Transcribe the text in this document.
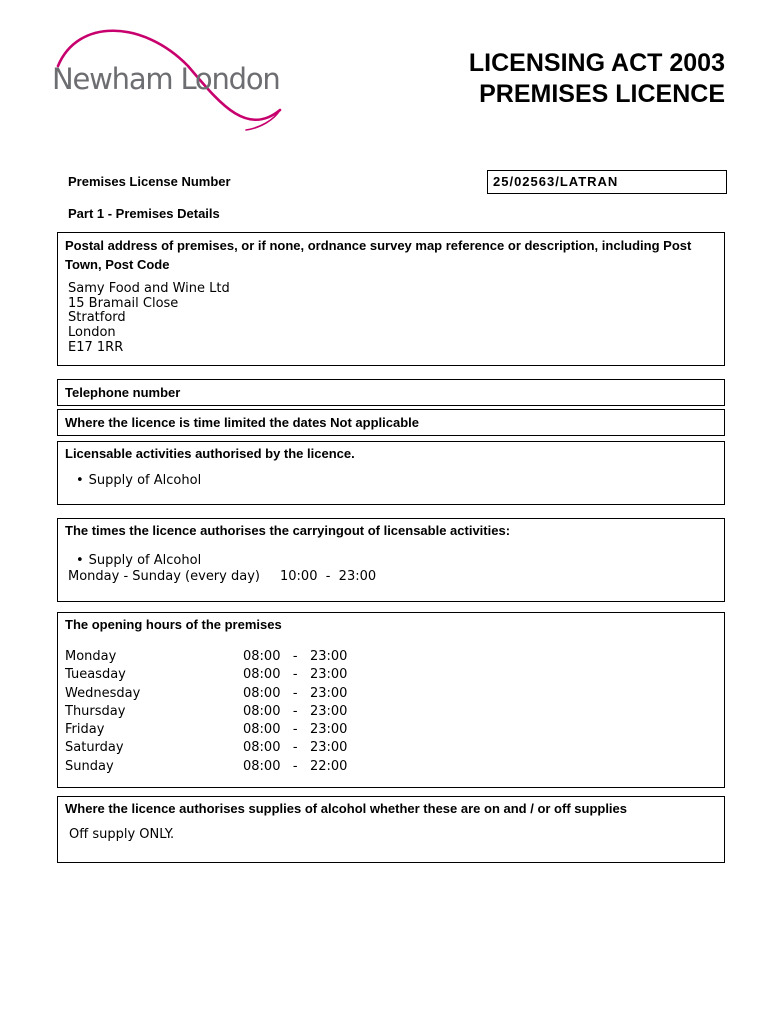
Newham London	LICENSING ACT 2003
PREMISES LICENCE
Premises License Number	25/02563/LATRAN
Part 1 - Premises Details
Postal address of premises, or if none, ordnance survey map reference or description, including Post Town, Post Code
Samy Food and Wine Ltd
15 Bramail Close
Stratford
London
E17 1RR
Telephone number
Where the licence is time limited the dates Not applicable
Licensable activities authorised by the licence.
• Supply of Alcohol
The times the licence authorises the carryingout of licensable activities:
• Supply of Alcohol
Monday - Sunday (every day)	10:00  -  23:00
The opening hours of the premises
Monday	08:00   -   23:00
Tueasday	08:00   -   23:00
Wednesday	08:00   -   23:00
Thursday	08:00   -   23:00
Friday	08:00   -   23:00
Saturday	08:00   -   23:00
Sunday	08:00   -   22:00
Where the licence authorises supplies of alcohol whether these are on and / or off supplies
Off supply ONLY.
